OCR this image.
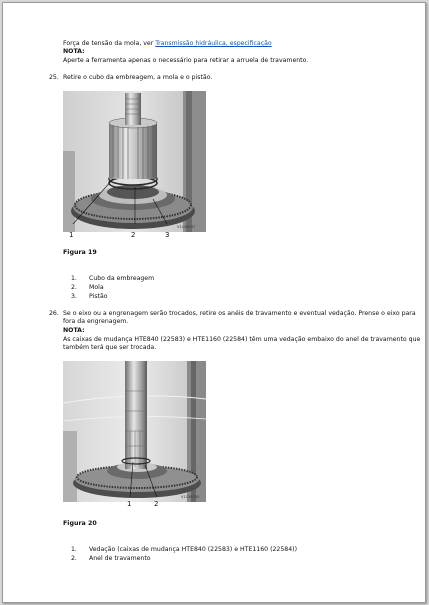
Força de tensão da mola, ver Transmissão hidráulica, especificação
NOTA:
Aperte a ferramenta apenas o necessário para retirar a arruela de travamento.
25. Retire o cubo da embreagem, a mola e o pistão.
V1138747
1	2	3
Figura 19
1. Cubo da embreagem
2. Mola
3. Pistão
26. Se o eixo ou a engrenagem serão trocados, retire os anéis de travamento e eventual vedação. Prense o eixo para
fora da engrenagem.
NOTA:
As caixas de mudança HTE840 (22583) e HTE1160 (22584) têm uma vedação embaixo do anel de travamento que
também terá que ser trocada.
V1138745
1	2
Figura 20
1. Vedação (caixas de mudança HTE840 (22583) e HTE1160 (22584))
2. Anel de travamento
